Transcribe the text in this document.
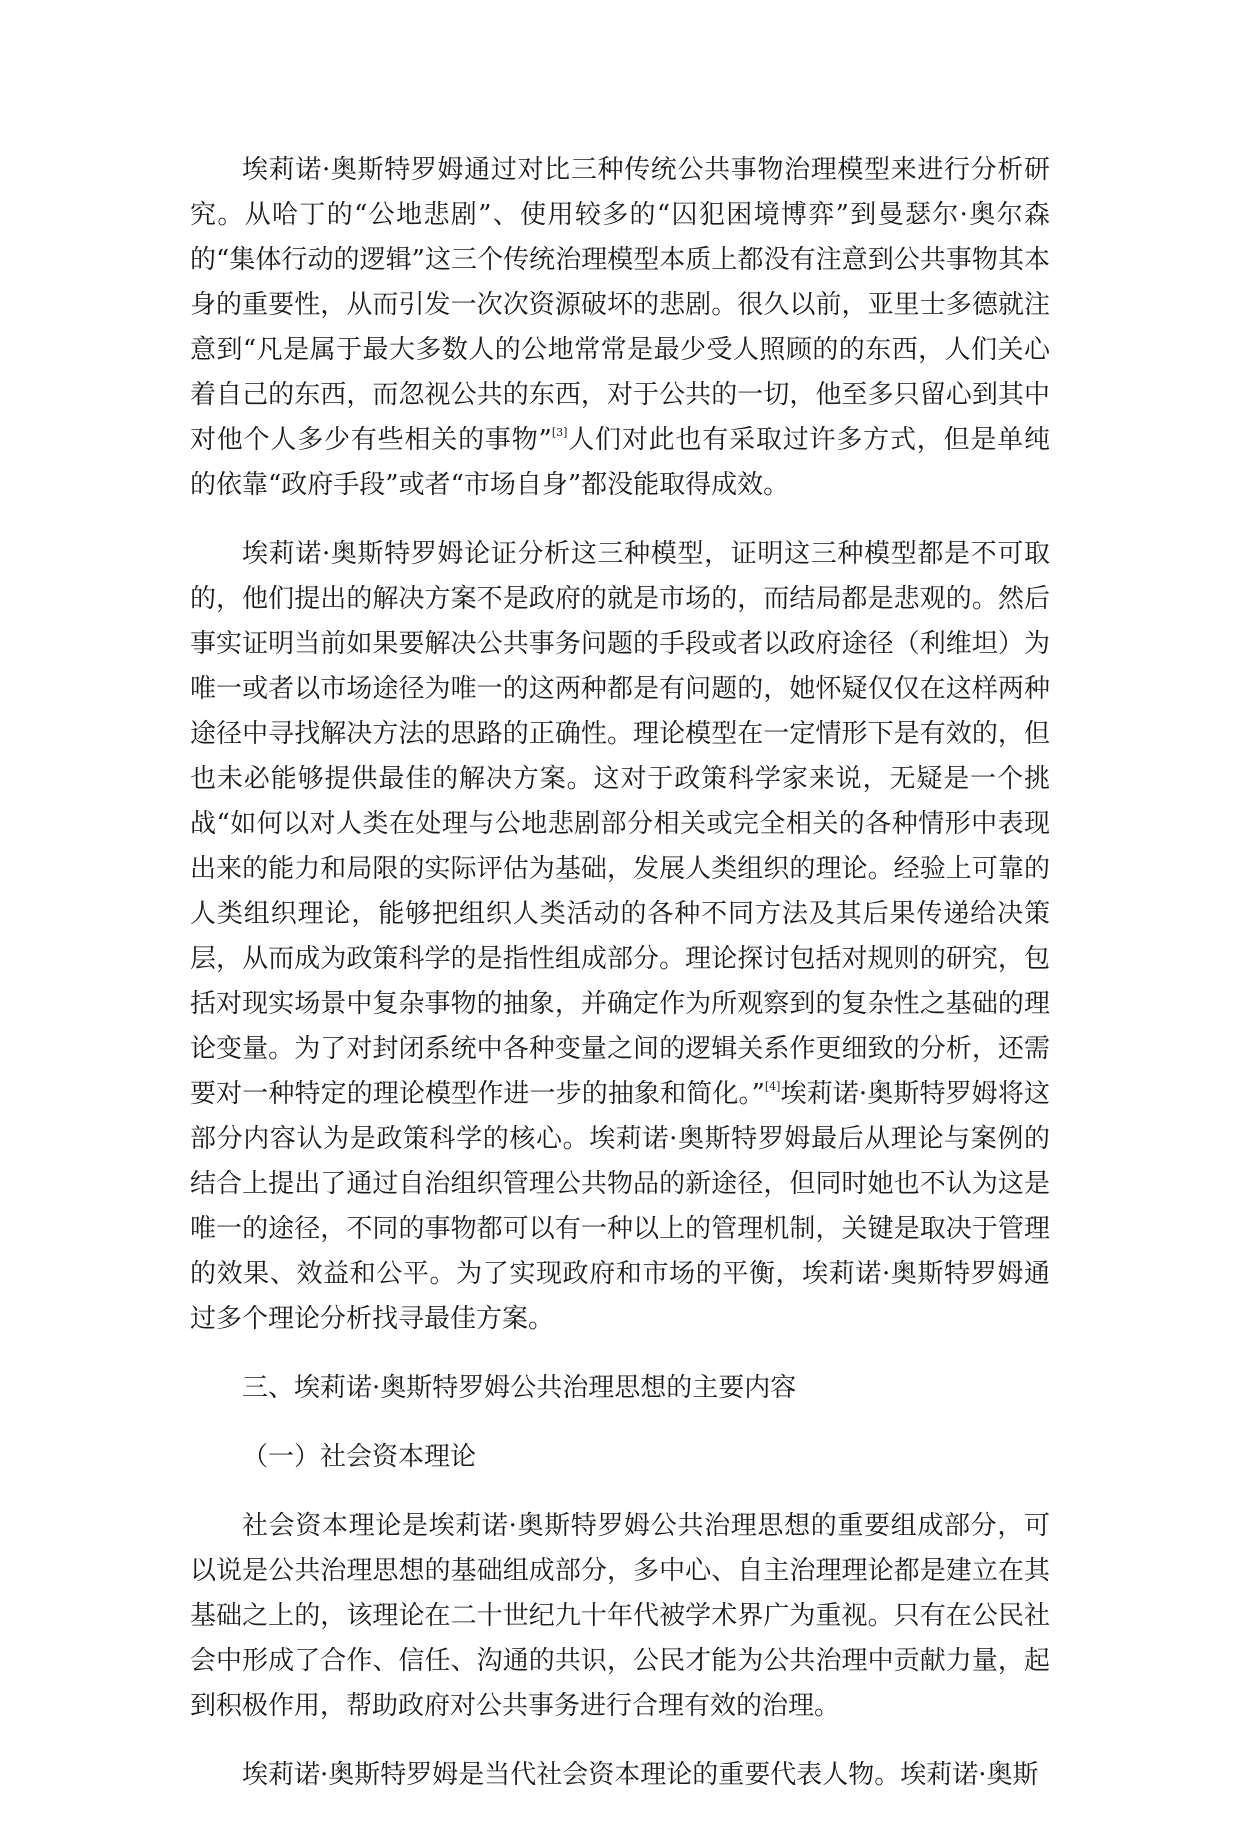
埃莉诺·奥斯特罗姆通过对比三种传统公共事物治理模型来进行分析研究。从哈丁的“公地悲剧”、使用较多的“囚犯困境博弈”到曼瑟尔·奥尔森的“集体行动的逻辑”这三个传统治理模型本质上都没有注意到公共事物其本身的重要性，从而引发一次次资源破坏的悲剧。很久以前，亚里士多德就注意到“凡是属于最大多数人的公地常常是最少受人照顾的的东西，人们关心着自己的东西，而忽视公共的东西，对于公共的一切，他至多只留心到其中对他个人多少有些相关的事物”[3]人们对此也有采取过许多方式，但是单纯的依靠“政府手段”或者“市场自身”都没能取得成效。

埃莉诺·奥斯特罗姆论证分析这三种模型，证明这三种模型都是不可取的，他们提出的解决方案不是政府的就是市场的，而结局都是悲观的。然后事实证明当前如果要解决公共事务问题的手段或者以政府途径（利维坦）为唯一或者以市场途径为唯一的这两种都是有问题的，她怀疑仅仅在这样两种途径中寻找解决方法的思路的正确性。理论模型在一定情形下是有效的，但也未必能够提供最佳的解决方案。这对于政策科学家来说，无疑是一个挑战“如何以对人类在处理与公地悲剧部分相关或完全相关的各种情形中表现出来的能力和局限的实际评估为基础，发展人类组织的理论。经验上可靠的人类组织理论，能够把组织人类活动的各种不同方法及其后果传递给决策层，从而成为政策科学的是指性组成部分。理论探讨包括对规则的研究，包括对现实场景中复杂事物的抽象，并确定作为所观察到的复杂性之基础的理论变量。为了对封闭系统中各种变量之间的逻辑关系作更细致的分析，还需要对一种特定的理论模型作进一步的抽象和简化。”[4]埃莉诺·奥斯特罗姆将这部分内容认为是政策科学的核心。埃莉诺·奥斯特罗姆最后从理论与案例的结合上提出了通过自治组织管理公共物品的新途径，但同时她也不认为这是唯一的途径，不同的事物都可以有一种以上的管理机制，关键是取决于管理的效果、效益和公平。为了实现政府和市场的平衡，埃莉诺·奥斯特罗姆通过多个理论分析找寻最佳方案。

三、埃莉诺·奥斯特罗姆公共治理思想的主要内容

（一）社会资本理论

社会资本理论是埃莉诺·奥斯特罗姆公共治理思想的重要组成部分，可以说是公共治理思想的基础组成部分，多中心、自主治理理论都是建立在其基础之上的，该理论在二十世纪九十年代被学术界广为重视。只有在公民社会中形成了合作、信任、沟通的共识，公民才能为公共治理中贡献力量，起到积极作用，帮助政府对公共事务进行合理有效的治理。

埃莉诺·奥斯特罗姆是当代社会资本理论的重要代表人物。埃莉诺·奥斯
